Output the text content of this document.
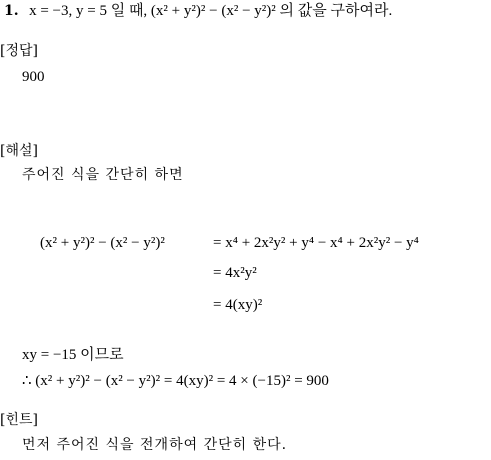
1. x = −3, y = 5 일 때, (x² + y²)² − (x² − y²)² 의 값을 구하여라.
[정답]
900
[해설]
주어진 식을 간단히 하면
(x² + y²)² − (x² − y²)²	= x⁴ + 2x²y² + y⁴ − x⁴ + 2x²y² − y⁴
= 4x²y²
= 4(xy)²
xy = −15 이므로
∴ (x² + y²)² − (x² − y²)² = 4(xy)² = 4 × (−15)² = 900
[힌트]
먼저 주어진 식을 전개하여 간단히 한다.
